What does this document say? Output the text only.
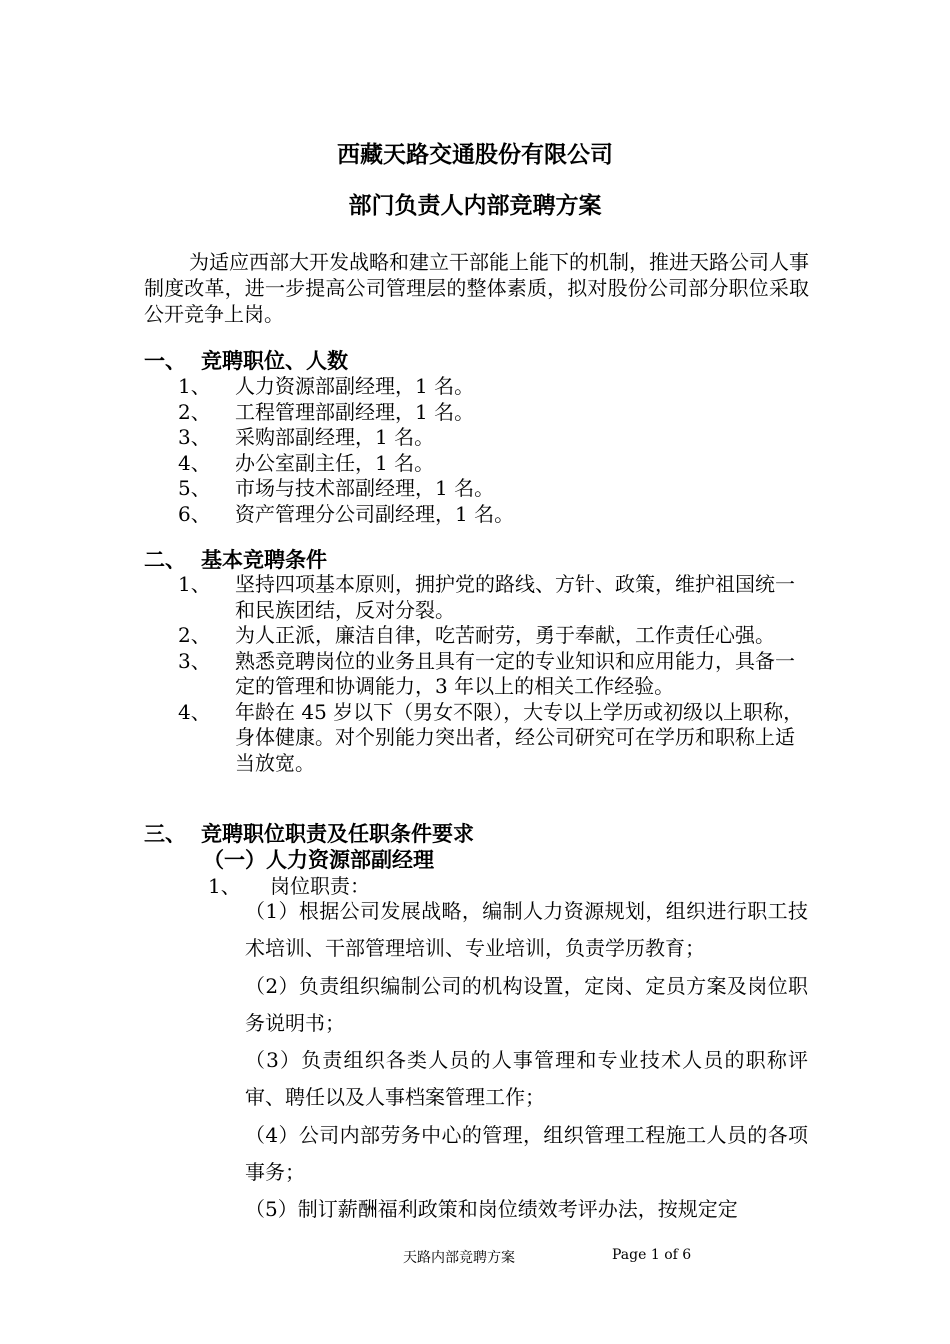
西藏天路交通股份有限公司
部门负责人内部竞聘方案
为适应西部大开发战略和建立干部能上能下的机制，推进天路公司人事制度改革，进一步提高公司管理层的整体素质，拟对股份公司部分职位采取公开竞争上岗。
一、 竞聘职位、人数
1、 人力资源部副经理，1 名。
2、 工程管理部副经理，1 名。
3、 采购部副经理，1 名。
4、 办公室副主任，1 名。
5、 市场与技术部副经理，1 名。
6、 资产管理分公司副经理，1 名。
二、 基本竞聘条件
1、 坚持四项基本原则，拥护党的路线、方针、政策，维护祖国统一和民族团结，反对分裂。
2、 为人正派，廉洁自律，吃苦耐劳，勇于奉献，工作责任心强。
3、 熟悉竞聘岗位的业务且具有一定的专业知识和应用能力，具备一定的管理和协调能力，3 年以上的相关工作经验。
4、 年龄在 45 岁以下（男女不限），大专以上学历或初级以上职称，身体健康。对个别能力突出者，经公司研究可在学历和职称上适当放宽。
三、 竞聘职位职责及任职条件要求
（一）人力资源部副经理
1、 岗位职责：

（1）根据公司发展战略，编制人力资源规划，组织进行职工技术培训、干部管理培训、专业培训，负责学历教育；

（2）负责组织编制公司的机构设置，定岗、定员方案及岗位职务说明书；

（3）负责组织各类人员的人事管理和专业技术人员的职称评审、聘任以及人事档案管理工作；

（4）公司内部劳务中心的管理，组织管理工程施工人员的各项事务；

（5）制订薪酬福利政策和岗位绩效考评办法，按规定定

天路内部竞聘方案	Page 1 of 6
